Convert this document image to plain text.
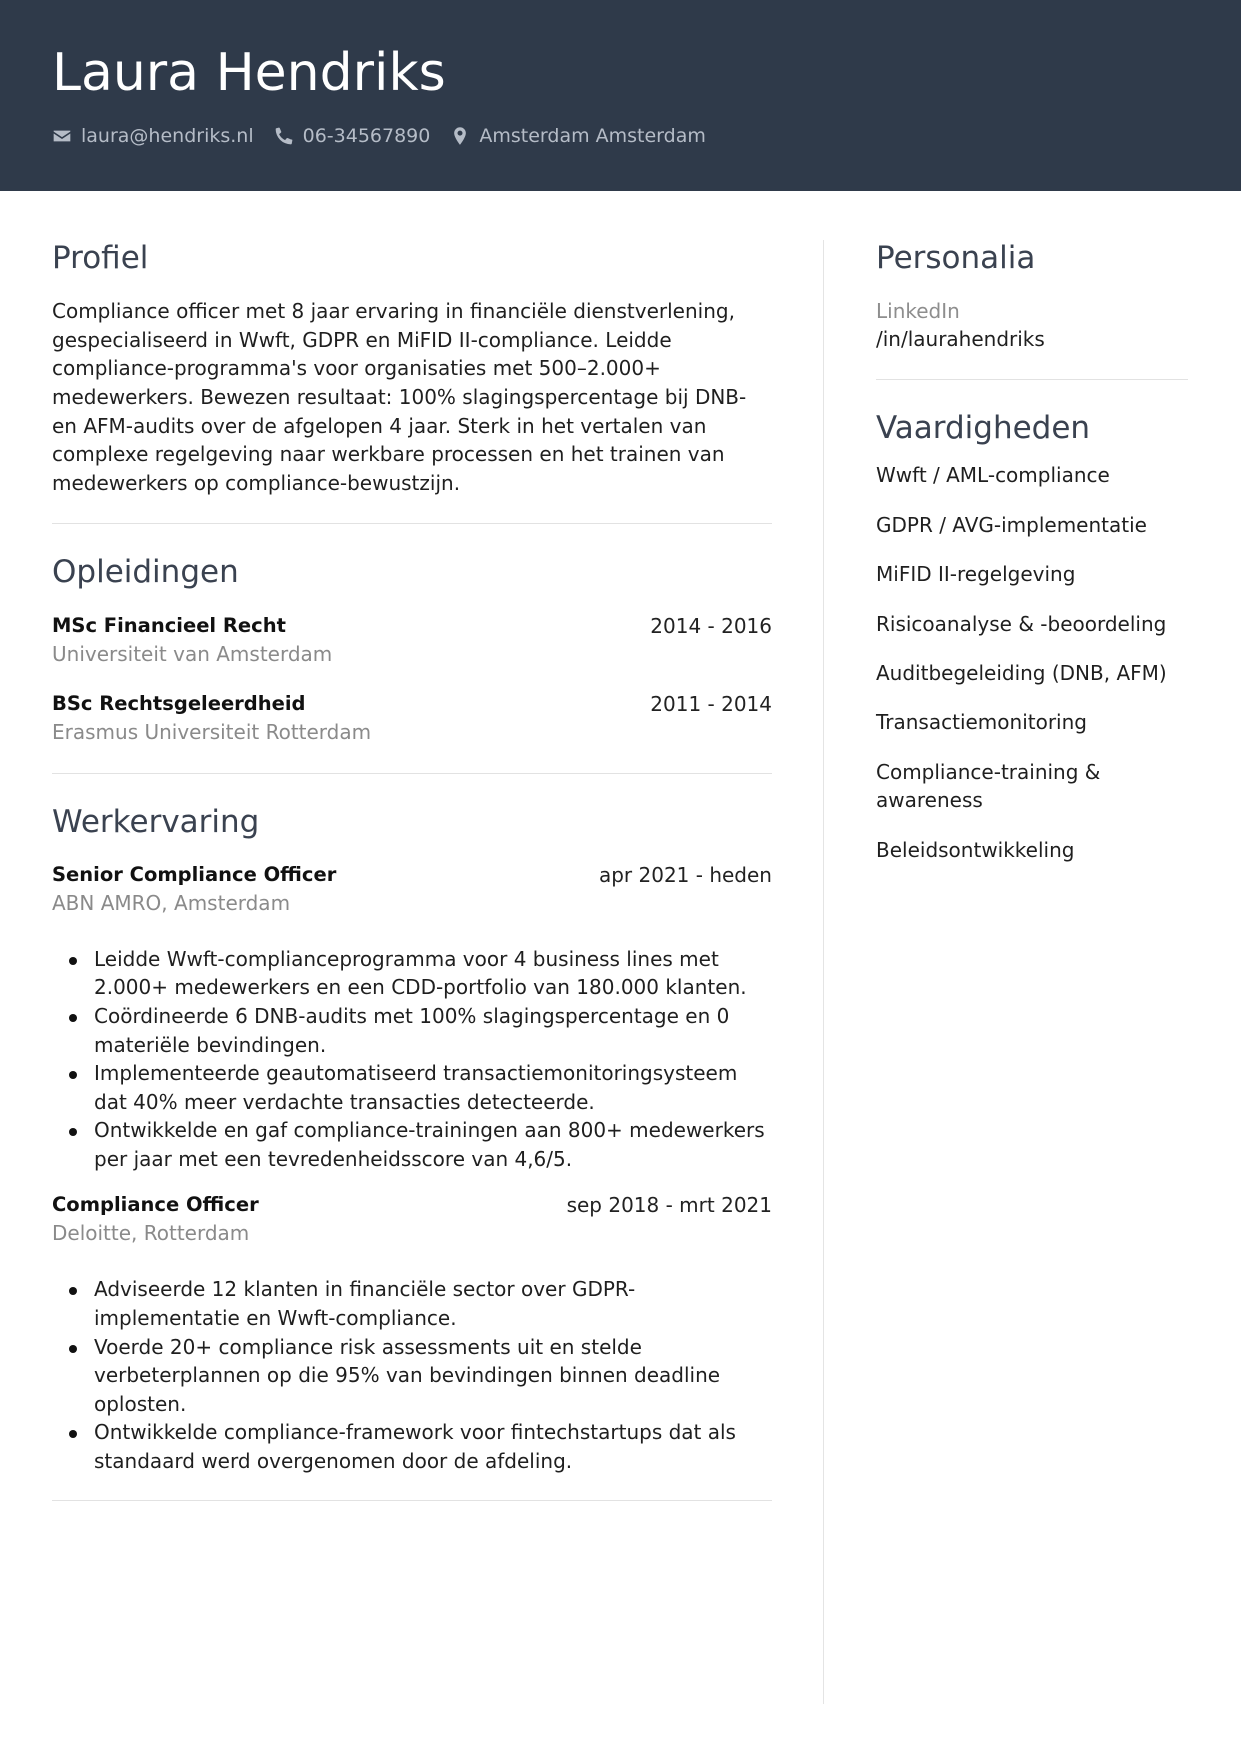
Laura Hendriks
laura@hendriks.nl	06-34567890	Amsterdam Amsterdam
Profiel

Compliance officer met 8 jaar ervaring in financiële dienstverlening, gespecialiseerd in Wwft, GDPR en MiFID II-compliance. Leidde compliance-programma's voor organisaties met 500–2.000+ medewerkers. Bewezen resultaat: 100% slagingspercentage bij DNB- en AFM-audits over de afgelopen 4 jaar. Sterk in het vertalen van complexe regelgeving naar werkbare processen en het trainen van medewerkers op compliance-bewustzijn.

Opleidingen
MSc Financieel Recht	2014 - 2016
Universiteit van Amsterdam
BSc Rechtsgeleerdheid	2011 - 2014
Erasmus Universiteit Rotterdam
Werkervaring
Senior Compliance Officer	apr 2021 - heden
ABN AMRO, Amsterdam
Leidde Wwft-complianceprogramma voor 4 business lines met 2.000+ medewerkers en een CDD-portfolio van 180.000 klanten.
Coördineerde 6 DNB-audits met 100% slagingspercentage en 0 materiële bevindingen.
Implementeerde geautomatiseerd transactiemonitoringsysteem dat 40% meer verdachte transacties detecteerde.
Ontwikkelde en gaf compliance-trainingen aan 800+ medewerkers per jaar met een tevredenheidsscore van 4,6/5.
Compliance Officer	sep 2018 - mrt 2021
Deloitte, Rotterdam
Adviseerde 12 klanten in financiële sector over GDPR-implementatie en Wwft-compliance.
Voerde 20+ compliance risk assessments uit en stelde verbeterplannen op die 95% van bevindingen binnen deadline oplosten.
Ontwikkelde compliance-framework voor fintechstartups dat als standaard werd overgenomen door de afdeling.
Personalia
LinkedIn
/in/laurahendriks
Vaardigheden
Wwft / AML-compliance
GDPR / AVG-implementatie
MiFID II-regelgeving
Risicoanalyse & -beoordeling
Auditbegeleiding (DNB, AFM)
Transactiemonitoring
Compliance-training & awareness
Beleidsontwikkeling
